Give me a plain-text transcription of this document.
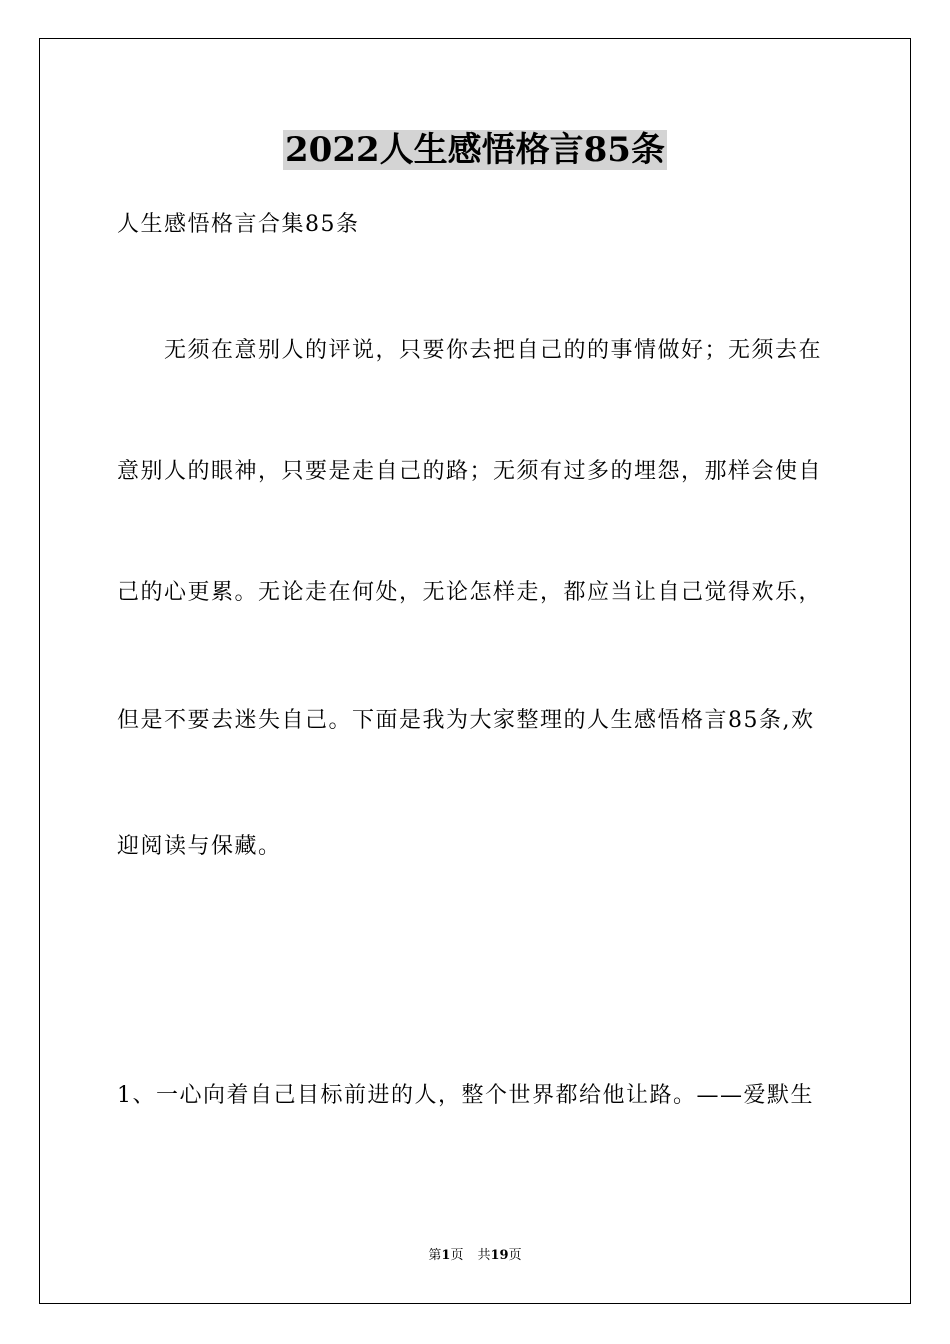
2022人生感悟格言85条
人生感悟格言合集85条
无须在意别人的评说，只要你去把自己的的事情做好；无须去在
意别人的眼神，只要是走自己的路；无须有过多的埋怨，那样会使自
己的心更累。无论走在何处，无论怎样走，都应当让自己觉得欢乐，
但是不要去迷失自己。下面是我为大家整理的人生感悟格言85条,欢
迎阅读与保藏。
1、一心向着自己目标前进的人，整个世界都给他让路。——爱默生
第1页 共19页
